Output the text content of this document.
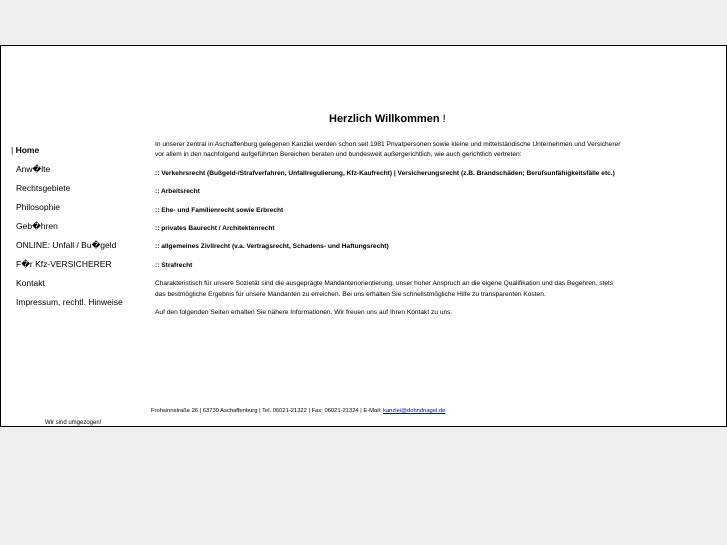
Herzlich Willkommen !
| Home
Anw�lte
Rechtsgebiete
Philosophie
Geb�hren
ONLINE: Unfall / Bu�geld
F�r Kfz-VERSICHERER
Kontakt
Impressum, rechtl. Hinweise

In unserer zentral in Aschaffenburg gelegenen Kanzlei werden schon seit 1981 Privatpersonen sowie kleine und mittelständische Unternehmen und Versicherer vor allem in den nachfolgend aufgeführten Bereichen beraten und bundesweit außergerichtlich, wie auch gerichtlich vertreten:

:: Verkehrsrecht (Bußgeld-/Strafverfahren, Unfallregulierung, Kfz-Kaufrecht) | Versicherungsrecht (z.B. Brandschäden; Berufsunfähigkeitsfälle etc.)

:: Arbeitsrecht

:: Ehe- und Familienrecht sowie Erbrecht

:: privates Baurecht / Architektenrecht

:: allgemeines Zivilrecht (v.a. Vertragsrecht, Schadens- und Haftungsrecht)

:: Strafrecht

Charakteristisch für unsere Sozietät sind die ausgeprägte Mandantenorientierung, unser hoher Anspruch an die eigene Qualifikation und das Begehren, stets das bestmögliche Ergebnis für unsere Mandanten zu erreichen. Bei uns erhalten Sie schnellstmögliche Hilfe zu transparenten Kosten.

Auf den folgenden Seiten erhalten Sie nähere Informationen. Wir freuen uns auf Ihren Kontakt zu uns.

Frohsinnstraße 26 | 63739 Aschaffenburg | Tel. 06021-21322 | Fax: 06021-21324 | E-Mail: kanzlei@dohndnagel.de
Wir sind umgezogen!
